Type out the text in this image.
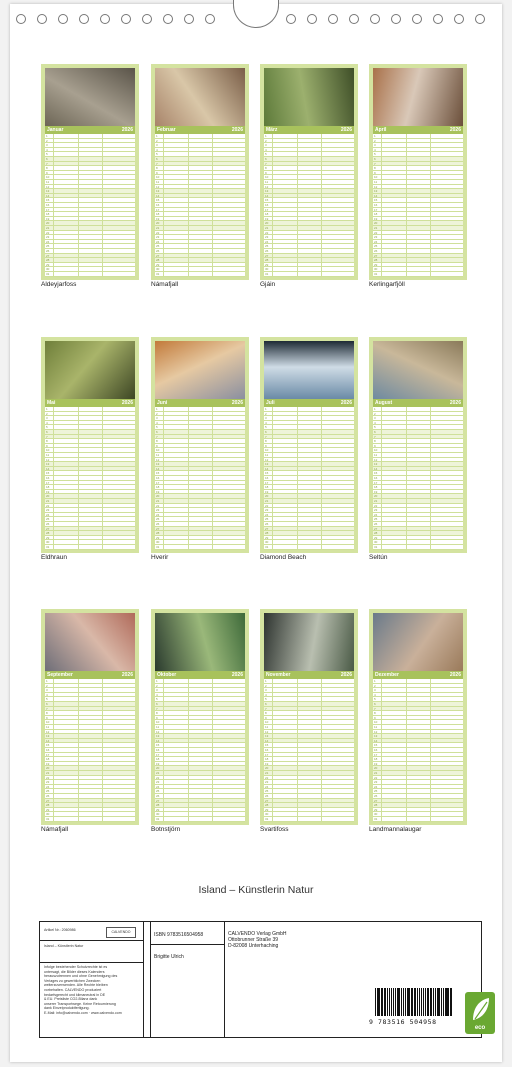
Januar	2026
1
2
3
4
5
6
7
8
9
10
11
12
13
14
15
16
17
18
19
20
21
22
23
24
25
26
27
28
29
30
31
Aldeyjarfoss
Februar	2026
1
2
3
4
5
6
7
8
9
10
11
12
13
14
15
16
17
18
19
20
21
22
23
24
25
26
27
28
29
30
31
Námafjall
März	2026
1
2
3
4
5
6
7
8
9
10
11
12
13
14
15
16
17
18
19
20
21
22
23
24
25
26
27
28
29
30
31
Gjáin
April	2026
1
2
3
4
5
6
7
8
9
10
11
12
13
14
15
16
17
18
19
20
21
22
23
24
25
26
27
28
29
30
31
Kerlingarfjöll
Mai	2026
1
2
3
4
5
6
7
8
9
10
11
12
13
14
15
16
17
18
19
20
21
22
23
24
25
26
27
28
29
30
31
Eldhraun
Juni	2026
1
2
3
4
5
6
7
8
9
10
11
12
13
14
15
16
17
18
19
20
21
22
23
24
25
26
27
28
29
30
31
Hverir
Juli	2026
1
2
3
4
5
6
7
8
9
10
11
12
13
14
15
16
17
18
19
20
21
22
23
24
25
26
27
28
29
30
31
Diamond Beach
August	2026
1
2
3
4
5
6
7
8
9
10
11
12
13
14
15
16
17
18
19
20
21
22
23
24
25
26
27
28
29
30
31
Seltún
September	2026
1
2
3
4
5
6
7
8
9
10
11
12
13
14
15
16
17
18
19
20
21
22
23
24
25
26
27
28
29
30
31
Námafjall
Oktober	2026
1
2
3
4
5
6
7
8
9
10
11
12
13
14
15
16
17
18
19
20
21
22
23
24
25
26
27
28
29
30
31
Botnstjörn
November	2026
1
2
3
4
5
6
7
8
9
10
11
12
13
14
15
16
17
18
19
20
21
22
23
24
25
26
27
28
29
30
31
Svartifoss
Dezember	2026
1
2
3
4
5
6
7
8
9
10
11
12
13
14
15
16
17
18
19
20
21
22
23
24
25
26
27
28
29
30
31
Landmannalaugar
Island – Künstlerin Natur
Artikel Nr.: 2060986	CALVENDO
Island – Künstlerin Natur
Infolge bestehender Schutzrechte ist es
untersagt, die Bilder dieses Kalenders
herauszutrennen und ohne Genehmigung des
Verlages zu gewerblichen Zwecken
weiterzuverwenden. Alle Rechte bleiben
vorbehalten. CALVENDO produziert
bedarfsgerecht und klimaneutral in DE
& EU. Preisliste CO2-Bilanz dank
unserer Transportwege. Keine Retournierung
dank Einzelproduktfertigung.
E-Mail: info@calvendo.com · www.calvendo.com
ISBN 9783516504958
Brigitte Ulrich
CALVENDO Verlag GmbH
Ottobrunner Straße 39
D-82008 Unterhaching
9 783516 504958
eco
